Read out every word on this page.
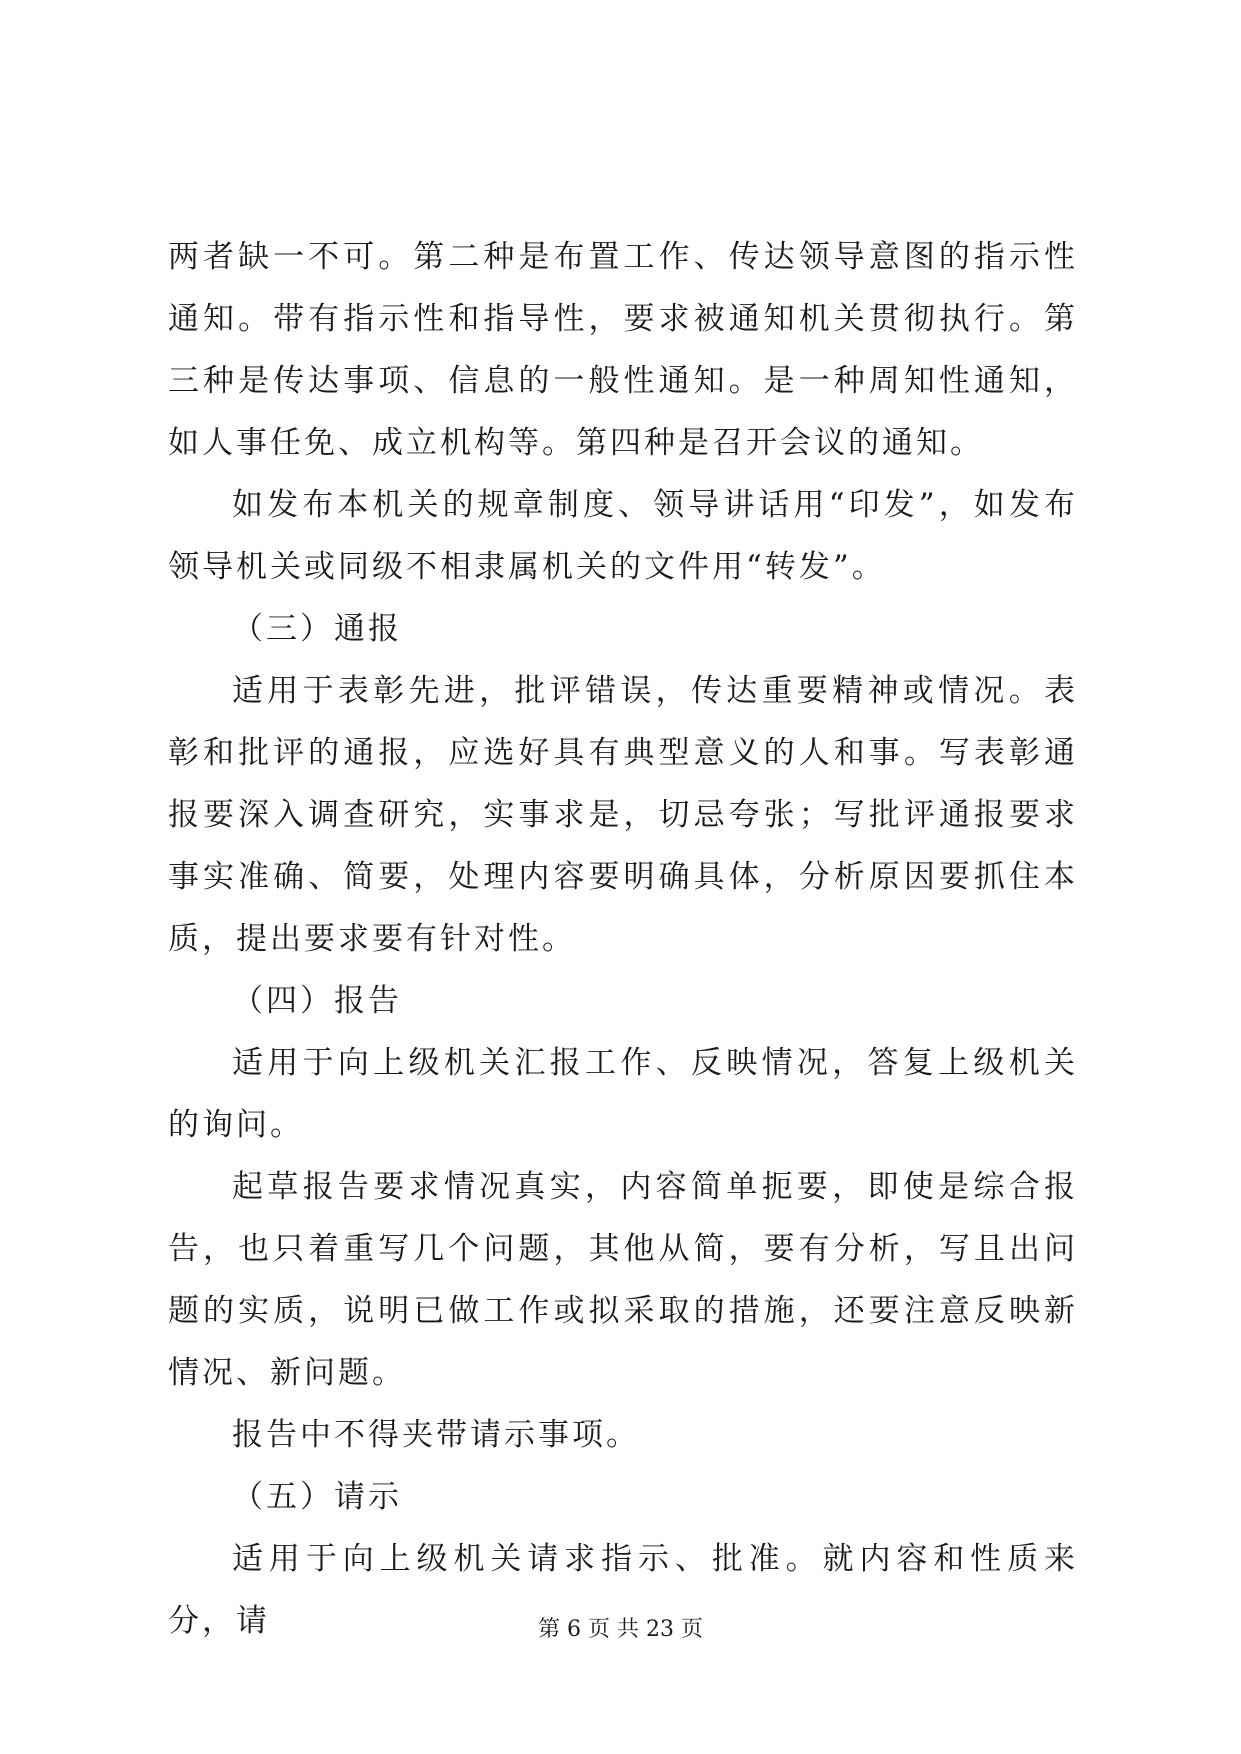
两者缺一不可。第二种是布置工作、传达领导意图的指示性通知。带有指示性和指导性，要求被通知机关贯彻执行。第三种是传达事项、信息的一般性通知。是一种周知性通知，如人事任免、成立机构等。第四种是召开会议的通知。

如发布本机关的规章制度、领导讲话用“印发”，如发布领导机关或同级不相隶属机关的文件用“转发”。

（三）通报

适用于表彰先进，批评错误，传达重要精神或情况。表彰和批评的通报，应选好具有典型意义的人和事。写表彰通报要深入调查研究，实事求是，切忌夸张；写批评通报要求事实准确、简要，处理内容要明确具体，分析原因要抓住本质，提出要求要有针对性。

（四）报告

适用于向上级机关汇报工作、反映情况，答复上级机关的询问。

起草报告要求情况真实，内容简单扼要，即使是综合报告，也只着重写几个问题，其他从简，要有分析，写且出问题的实质，说明已做工作或拟采取的措施，还要注意反映新情况、新问题。

报告中不得夹带请示事项。

（五）请示

适用于向上级机关请求指示、批准。就内容和性质来分，请	第 6 页 共 23 页
